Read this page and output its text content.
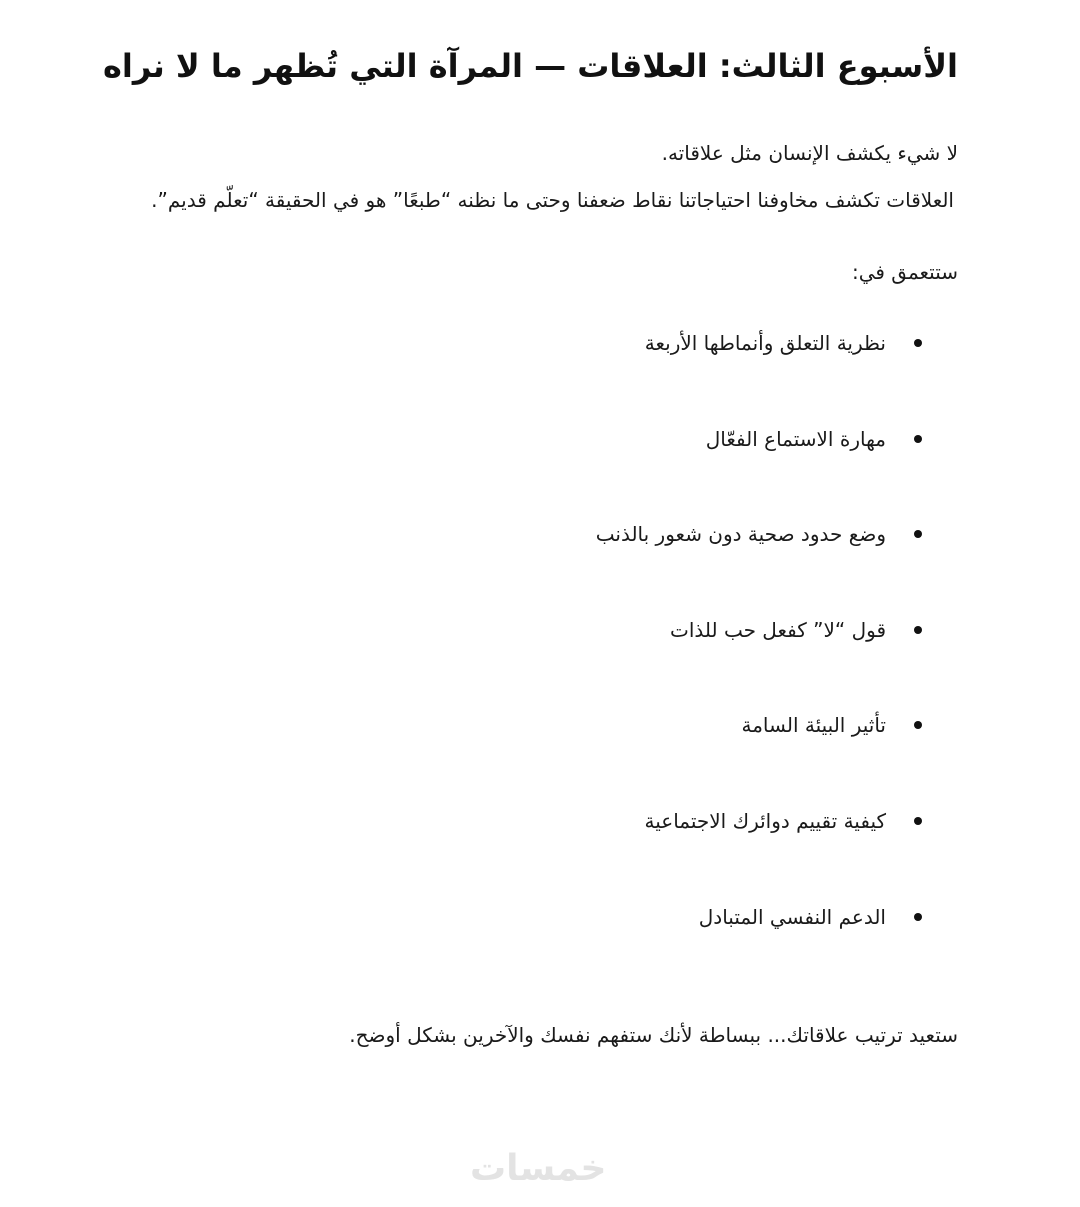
الأسبوع الثالث: العلاقات — المرآة التي تُظهر ما لا نراه

لا شيء يكشف الإنسان مثل علاقاته.

العلاقات تكشف مخاوفنا احتياجاتنا نقاط ضعفنا وحتى ما نظنه “طبعًا” هو في الحقيقة “تعلّم قديم”.

ستتعمق في:

نظرية التعلق وأنماطها الأربعة
مهارة الاستماع الفعّال
وضع حدود صحية دون شعور بالذنب
قول “لا” كفعل حب للذات
تأثير البيئة السامة
كيفية تقييم دوائرك الاجتماعية
الدعم النفسي المتبادل

ستعيد ترتيب علاقاتك... ببساطة لأنك ستفهم نفسك والآخرين بشكل أوضح.

خمسات
